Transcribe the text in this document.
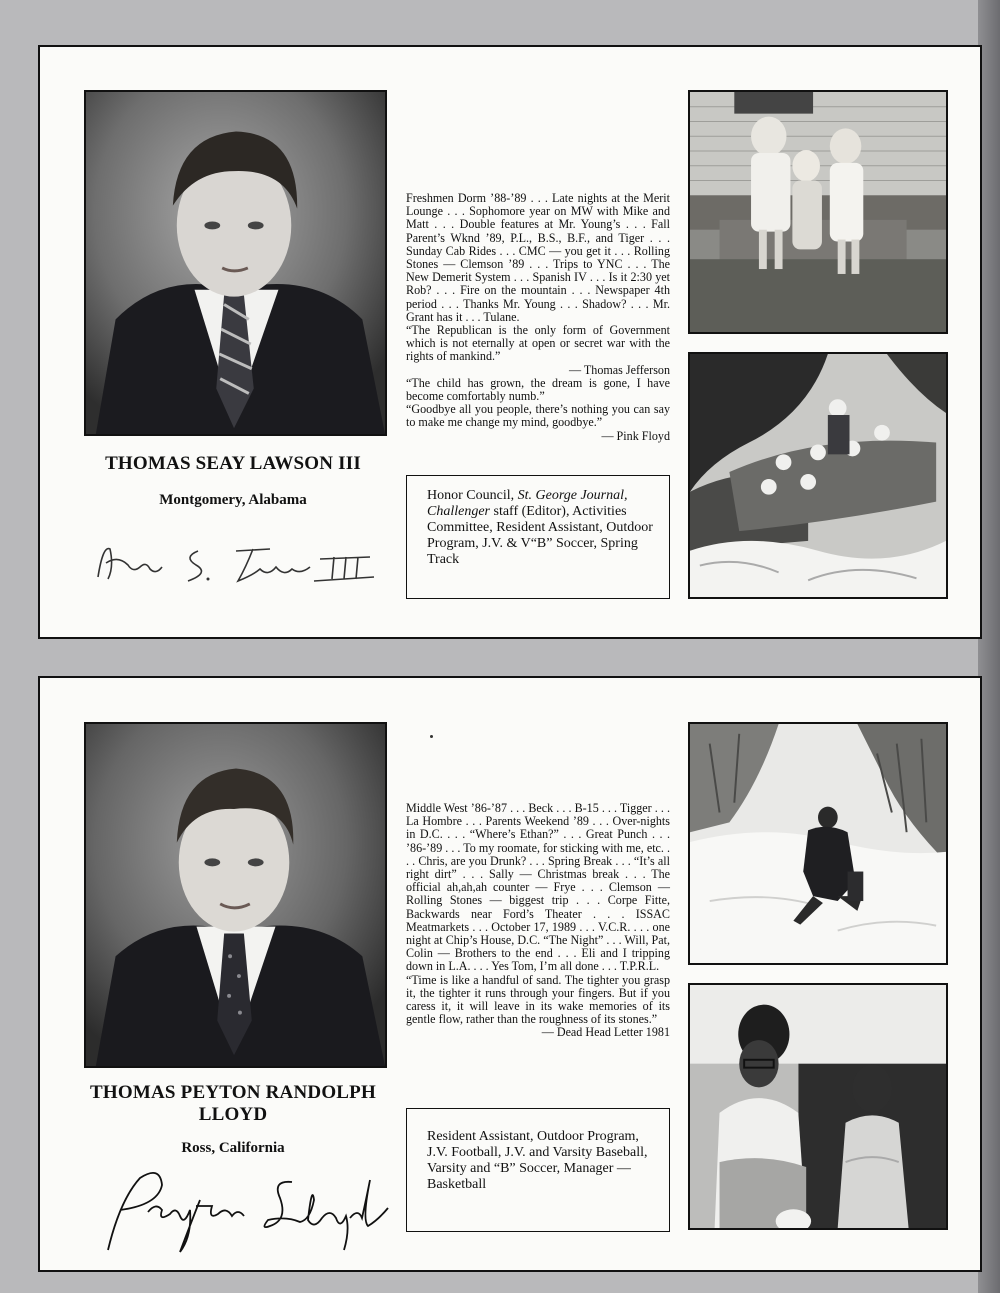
THOMAS SEAY LAWSON III
Montgomery, Alabama

Freshmen Dorm ’88-’89 . . . Late nights at the Merit Lounge . . . Sophomore year on MW with Mike and Matt . . . Double features at Mr. Young’s . . . Fall Parent’s Wknd ’89, P.L., B.S., B.F., and Tiger . . . Sunday Cab Rides . . . CMC — you get it . . . Rolling Stones — Clemson ’89 . . . Trips to YNC . . . The New Demerit System . . . Spanish IV . . . Is it 2:30 yet Rob? . . . Fire on the mountain . . . Newspaper 4th period . . . Thanks Mr. Young . . . Shadow? . . . Mr. Grant has it . . . Tulane.

“The Republican is the only form of Government which is not eternally at open or secret war with the rights of mankind.”

— Thomas Jefferson

“The child has grown, the dream is gone, I have become comfortably numb.”

“Goodbye all you people, there’s nothing you can say to make me change my mind, goodbye.”

— Pink Floyd

Honor Council, St. George Journal,
Challenger staff (Editor), Activities Committee, Resident Assistant, Outdoor Program, J.V. & V“B” Soccer, Spring Track
THOMAS PEYTON RANDOLPH LLOYD
Ross, California

Middle West ’86-’87 . . . Beck . . . B-15 . . . Tigger . . . La Hombre . . . Parents Weekend ’89 . . . Over-nights in D.C. . . . “Where’s Ethan?” . . . Great Punch . . . ’86-’89 . . . To my roomate, for sticking with me, etc. . . . Chris, are you Drunk? . . . Spring Break . . . “It’s all right dirt” . . . Sally — Christmas break . . . The official ah,ah,ah counter — Frye . . . Clemson — Rolling Stones — biggest trip . . . Corpe Fitte, Backwards near Ford’s Theater . . . ISSAC Meatmarkets . . . October 17, 1989 . . . V.C.R. . . . one night at Chip’s House, D.C. “The Night” . . . Will, Pat, Colin — Brothers to the end . . . Eli and I tripping down in L.A. . . . Yes Tom, I’m all done . . . T.P.R.L.

“Time is like a handful of sand. The tighter you grasp it, the tighter it runs through your fingers. But if you caress it, it will leave in its wake memories of its gentle flow, rather than the roughness of its stones.”

— Dead Head Letter 1981

Resident Assistant, Outdoor Program, J.V. Football, J.V. and Varsity Baseball, Varsity and “B” Soccer, Manager — Basketball
